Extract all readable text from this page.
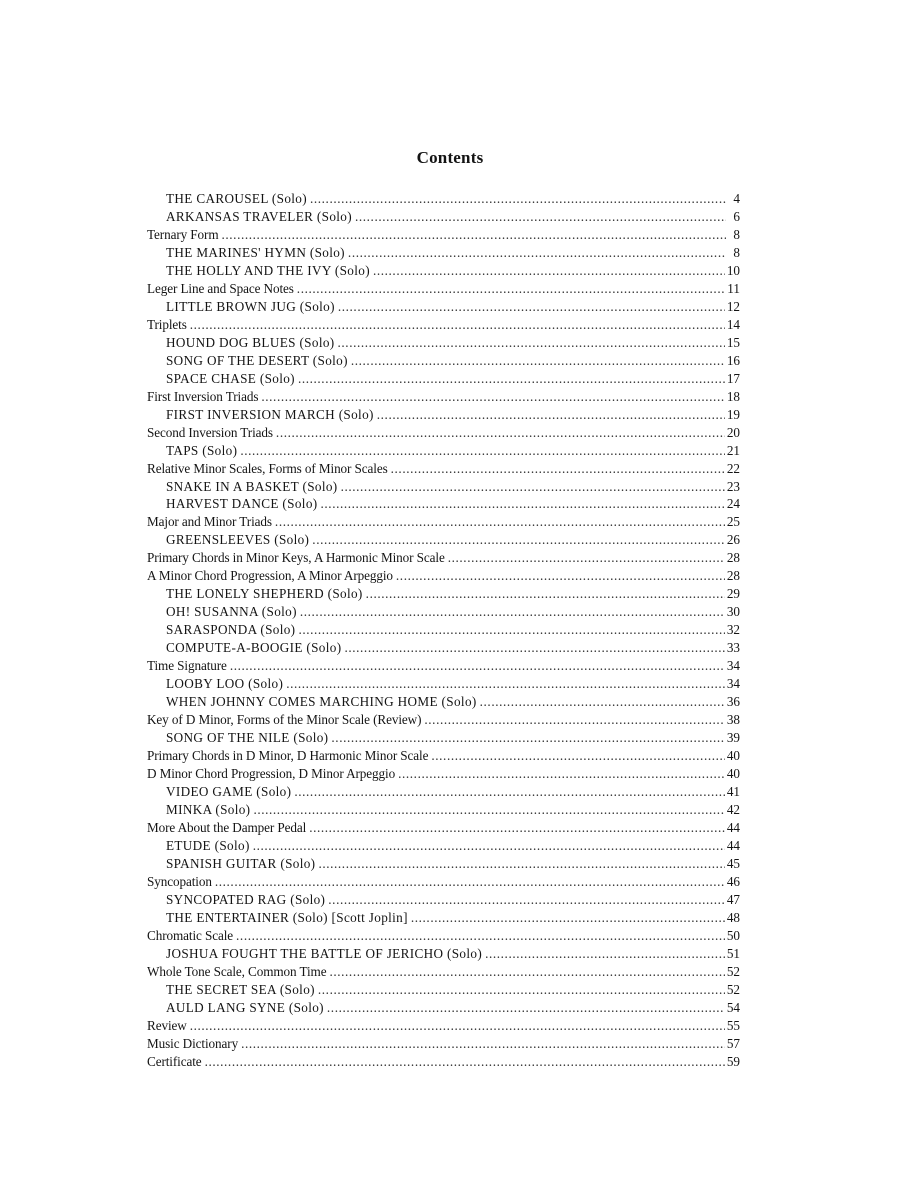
Contents
THE CAROUSEL (Solo) . . .	4
ARKANSAS TRAVELER (Solo) . . .	6
Ternary Form . . .	8
THE MARINES' HYMN (Solo) . . .	8
THE HOLLY AND THE IVY (Solo) . . .	10
Leger Line and Space Notes . . .	11
LITTLE BROWN JUG (Solo) . . .	12
Triplets . . .	14
HOUND DOG BLUES (Solo) . . .	15
SONG OF THE DESERT (Solo) . . .	16
SPACE CHASE (Solo) . . .	17
First Inversion Triads . . .	18
FIRST INVERSION MARCH (Solo) . . .	19
Second Inversion Triads . . .	20
TAPS (Solo) . . .	21
Relative Minor Scales, Forms of Minor Scales . . .	22
SNAKE IN A BASKET (Solo) . . .	23
HARVEST DANCE (Solo) . . .	24
Major and Minor Triads . . .	25
GREENSLEEVES (Solo) . . .	26
Primary Chords in Minor Keys, A Harmonic Minor Scale . . .	28
A Minor Chord Progression, A Minor Arpeggio . . .	28
THE LONELY SHEPHERD (Solo) . . .	29
OH! SUSANNA (Solo) . . .	30
SARASPONDA (Solo) . . .	32
COMPUTE-A-BOOGIE (Solo) . . .	33
Time Signature . . .	34
LOOBY LOO (Solo) . . .	34
WHEN JOHNNY COMES MARCHING HOME (Solo) . . .	36
Key of D Minor, Forms of the Minor Scale (Review) . . .	38
SONG OF THE NILE (Solo) . . .	39
Primary Chords in D Minor, D Harmonic Minor Scale . . .	40
D Minor Chord Progression, D Minor Arpeggio . . .	40
VIDEO GAME (Solo) . . .	41
MINKA (Solo) . . .	42
More About the Damper Pedal . . .	44
ETUDE (Solo) . . .	44
SPANISH GUITAR (Solo) . . .	45
Syncopation . . .	46
SYNCOPATED RAG (Solo) . . .	47
THE ENTERTAINER (Solo) [Scott Joplin] . . .	48
Chromatic Scale . . .	50
JOSHUA FOUGHT THE BATTLE OF JERICHO (Solo) . . .	51
Whole Tone Scale, Common Time . . .	52
THE SECRET SEA (Solo) . . .	52
AULD LANG SYNE (Solo) . . .	54
Review . . .	55
Music Dictionary . . .	57
Certificate . . .	59
